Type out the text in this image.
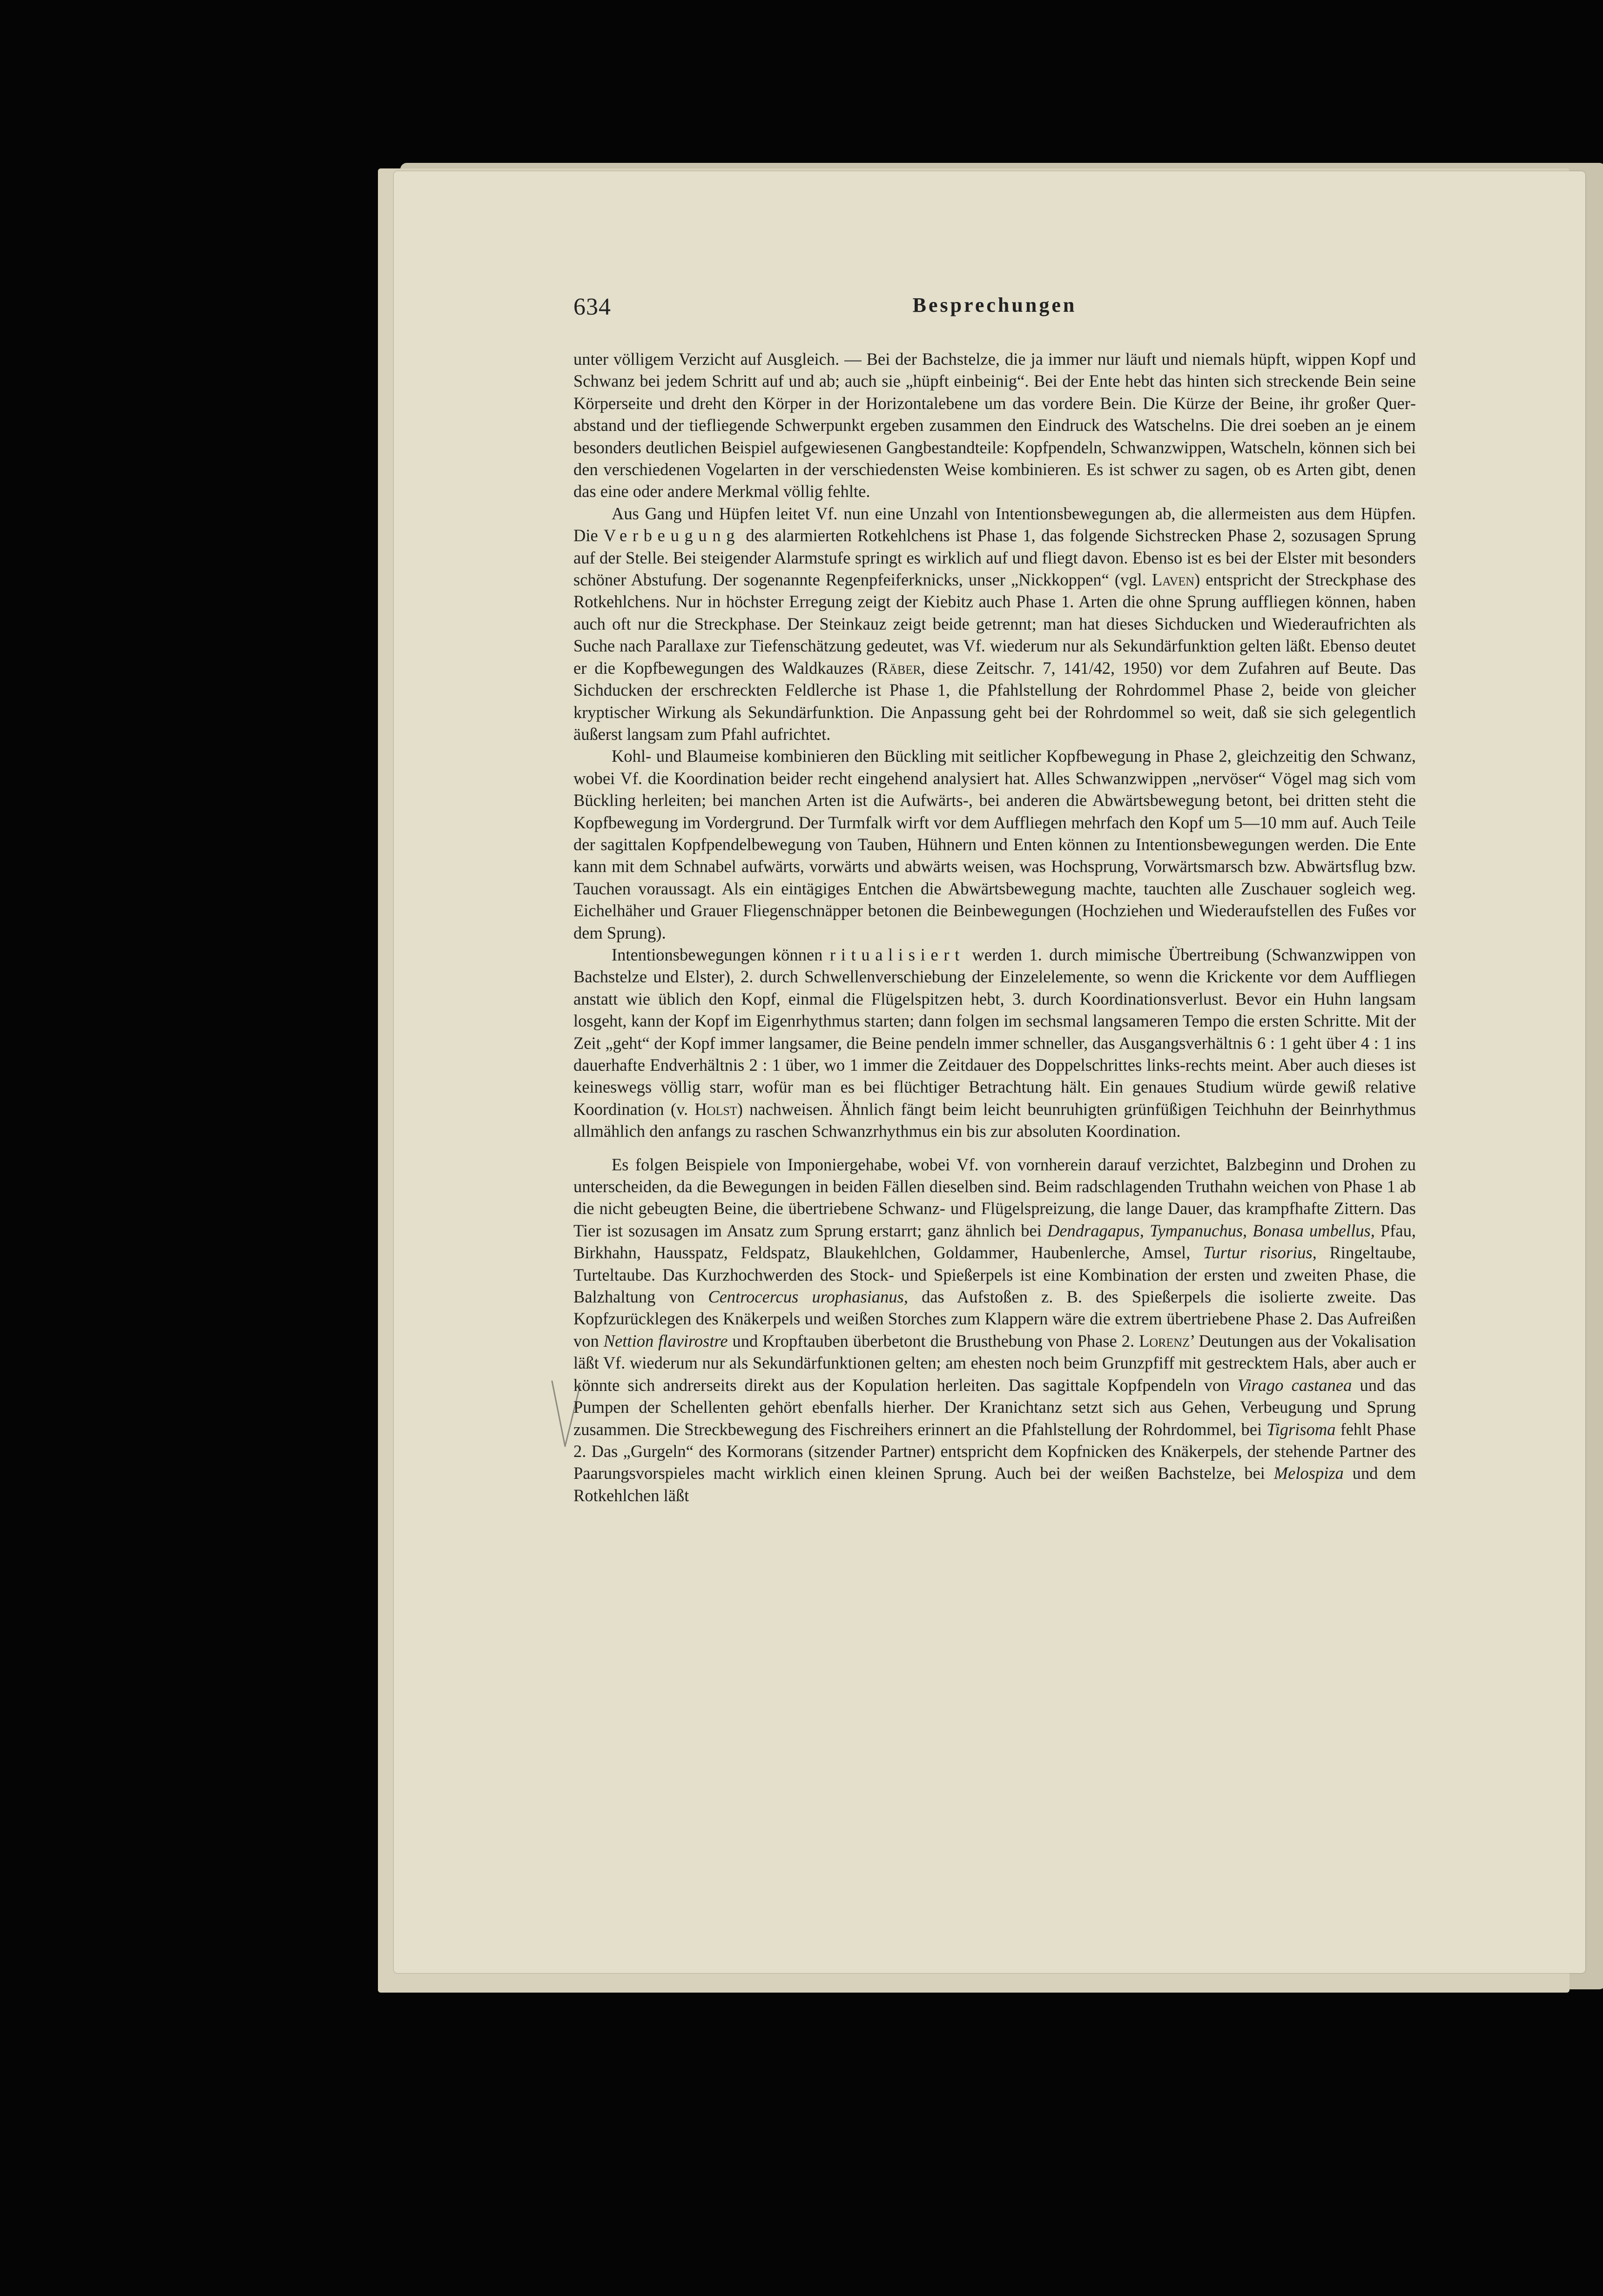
634	Besprechungen

unter völligem Verzicht auf Ausgleich. — Bei der Bachstelze, die ja immer nur läuft und niemals hüpft, wippen Kopf und Schwanz bei jedem Schritt auf und ab; auch sie „hüpft einbeinig“. Bei der Ente hebt das hinten sich streckende Bein seine Körperseite und dreht den Körper in der Horizontalebene um das vordere Bein. Die Kürze der Beine, ihr großer Querabstand und der tiefliegende Schwerpunkt ergeben zusammen den Eindruck des Watschelns. Die drei soeben an je einem besonders deutlichen Beispiel aufgewiesenen Gangbestandteile: Kopfpendeln, Schwanzwippen, Watscheln, können sich bei den verschiedenen Vogelarten in der verschiedensten Weise kombinieren. Es ist schwer zu sagen, ob es Arten gibt, denen das eine oder andere Merkmal völlig fehlte.

Aus Gang und Hüpfen leitet Vf. nun eine Unzahl von Intentionsbewegungen ab, die allermeisten aus dem Hüpfen. Die Verbeugung des alarmierten Rotkehlchens ist Phase 1, das folgende Sichstrecken Phase 2, sozusagen Sprung auf der Stelle. Bei steigender Alarmstufe springt es wirklich auf und fliegt davon. Ebenso ist es bei der Elster mit besonders schöner Abstufung. Der sogenannte Regenpfeiferknicks, unser „Nickkoppen“ (vgl. Laven) entspricht der Streckphase des Rotkehlchens. Nur in höchster Erregung zeigt der Kiebitz auch Phase 1. Arten die ohne Sprung auffliegen können, haben auch oft nur die Streckphase. Der Steinkauz zeigt beide getrennt; man hat dieses Sichducken und Wiederaufrichten als Suche nach Parallaxe zur Tiefenschätzung gedeutet, was Vf. wiederum nur als Sekundärfunktion gelten läßt. Ebenso deutet er die Kopfbewegungen des Waldkauzes (Räber, diese Zeitschr. 7, 141/42, 1950) vor dem Zufahren auf Beute. Das Sichducken der erschreckten Feldlerche ist Phase 1, die Pfahlstellung der Rohrdommel Phase 2, beide von gleicher kryptischer Wirkung als Sekundärfunktion. Die Anpassung geht bei der Rohrdommel so weit, daß sie sich gelegentlich äußerst langsam zum Pfahl aufrichtet.

Kohl- und Blaumeise kombinieren den Bückling mit seitlicher Kopfbewegung in Phase 2, gleichzeitig den Schwanz, wobei Vf. die Koordination beider recht eingehend analysiert hat. Alles Schwanzwippen „nervöser“ Vögel mag sich vom Bückling herleiten; bei manchen Arten ist die Aufwärts-, bei anderen die Abwärtsbewegung betont, bei dritten steht die Kopfbewegung im Vordergrund. Der Turmfalk wirft vor dem Auffliegen mehrfach den Kopf um 5—10 mm auf. Auch Teile der sagittalen Kopfpendelbewegung von Tauben, Hühnern und Enten können zu Intentionsbewegungen werden. Die Ente kann mit dem Schnabel aufwärts, vorwärts und abwärts weisen, was Hochsprung, Vorwärtsmarsch bzw. Abwärtsflug bzw. Tauchen voraussagt. Als ein eintägiges Entchen die Abwärtsbewegung machte, tauchten alle Zuschauer sogleich weg. Eichelhäher und Grauer Fliegenschnäpper betonen die Beinbewegungen (Hochziehen und Wiederaufstellen des Fußes vor dem Sprung).

Intentionsbewegungen können ritualisiert werden 1. durch mimische Übertreibung (Schwanzwippen von Bachstelze und Elster), 2. durch Schwellenverschiebung der Einzelelemente, so wenn die Krickente vor dem Auffliegen anstatt wie üblich den Kopf, einmal die Flügelspitzen hebt, 3. durch Koordinationsverlust. Bevor ein Huhn langsam losgeht, kann der Kopf im Eigenrhythmus starten; dann folgen im sechsmal langsameren Tempo die ersten Schritte. Mit der Zeit „geht“ der Kopf immer langsamer, die Beine pendeln immer schneller, das Ausgangsverhältnis 6 : 1 geht über 4 : 1 ins dauerhafte Endverhältnis 2 : 1 über, wo 1 immer die Zeitdauer des Doppelschrittes links-rechts meint. Aber auch dieses ist keineswegs völlig starr, wofür man es bei flüchtiger Betrachtung hält. Ein genaues Studium würde gewiß relative Koordination (v. Holst) nachweisen. Ähnlich fängt beim leicht beunruhigten grünfüßigen Teichhuhn der Beinrhythmus allmählich den anfangs zu raschen Schwanzrhythmus ein bis zur absoluten Koordination.

Es folgen Beispiele von Imponiergehabe, wobei Vf. von vornherein darauf verzichtet, Balzbeginn und Drohen zu unterscheiden, da die Bewegungen in beiden Fällen dieselben sind. Beim radschlagenden Truthahn weichen von Phase 1 ab die nicht gebeugten Beine, die übertriebene Schwanz- und Flügelspreizung, die lange Dauer, das krampfhafte Zittern. Das Tier ist sozusagen im Ansatz zum Sprung erstarrt; ganz ähnlich bei Dendragapus, Tympanuchus, Bonasa umbellus, Pfau, Birkhahn, Hausspatz, Feldspatz, Blaukehlchen, Goldammer, Haubenlerche, Amsel, Turtur risorius, Ringeltaube, Turteltaube. Das Kurzhochwerden des Stock- und Spießerpels ist eine Kombination der ersten und zweiten Phase, die Balzhaltung von Centrocercus urophasianus, das Aufstoßen z. B. des Spießerpels die isolierte zweite. Das Kopfzurücklegen des Knäkerpels und weißen Storches zum Klappern wäre die extrem übertriebene Phase 2. Das Aufreißen von Nettion flavirostre und Kropftauben überbetont die Brusthebung von Phase 2. Lorenz’ Deutungen aus der Vokalisation läßt Vf. wiederum nur als Sekundärfunktionen gelten; am ehesten noch beim Grunzpfiff mit gestrecktem Hals, aber auch er könnte sich andrerseits direkt aus der Kopulation herleiten. Das sagittale Kopfpendeln von Virago castanea und das Pumpen der Schellenten gehört ebenfalls hierher. Der Kranichtanz setzt sich aus Gehen, Verbeugung und Sprung zusammen. Die Streckbewegung des Fischreihers erinnert an die Pfahlstellung der Rohrdommel, bei Tigrisoma fehlt Phase 2. Das „Gurgeln“ des Kormorans (sitzender Partner) entspricht dem Kopfnicken des Knäkerpels, der stehende Partner des Paarungsvorspieles macht wirklich einen kleinen Sprung. Auch bei der weißen Bachstelze, bei Melospiza und dem Rotkehlchen läßt
